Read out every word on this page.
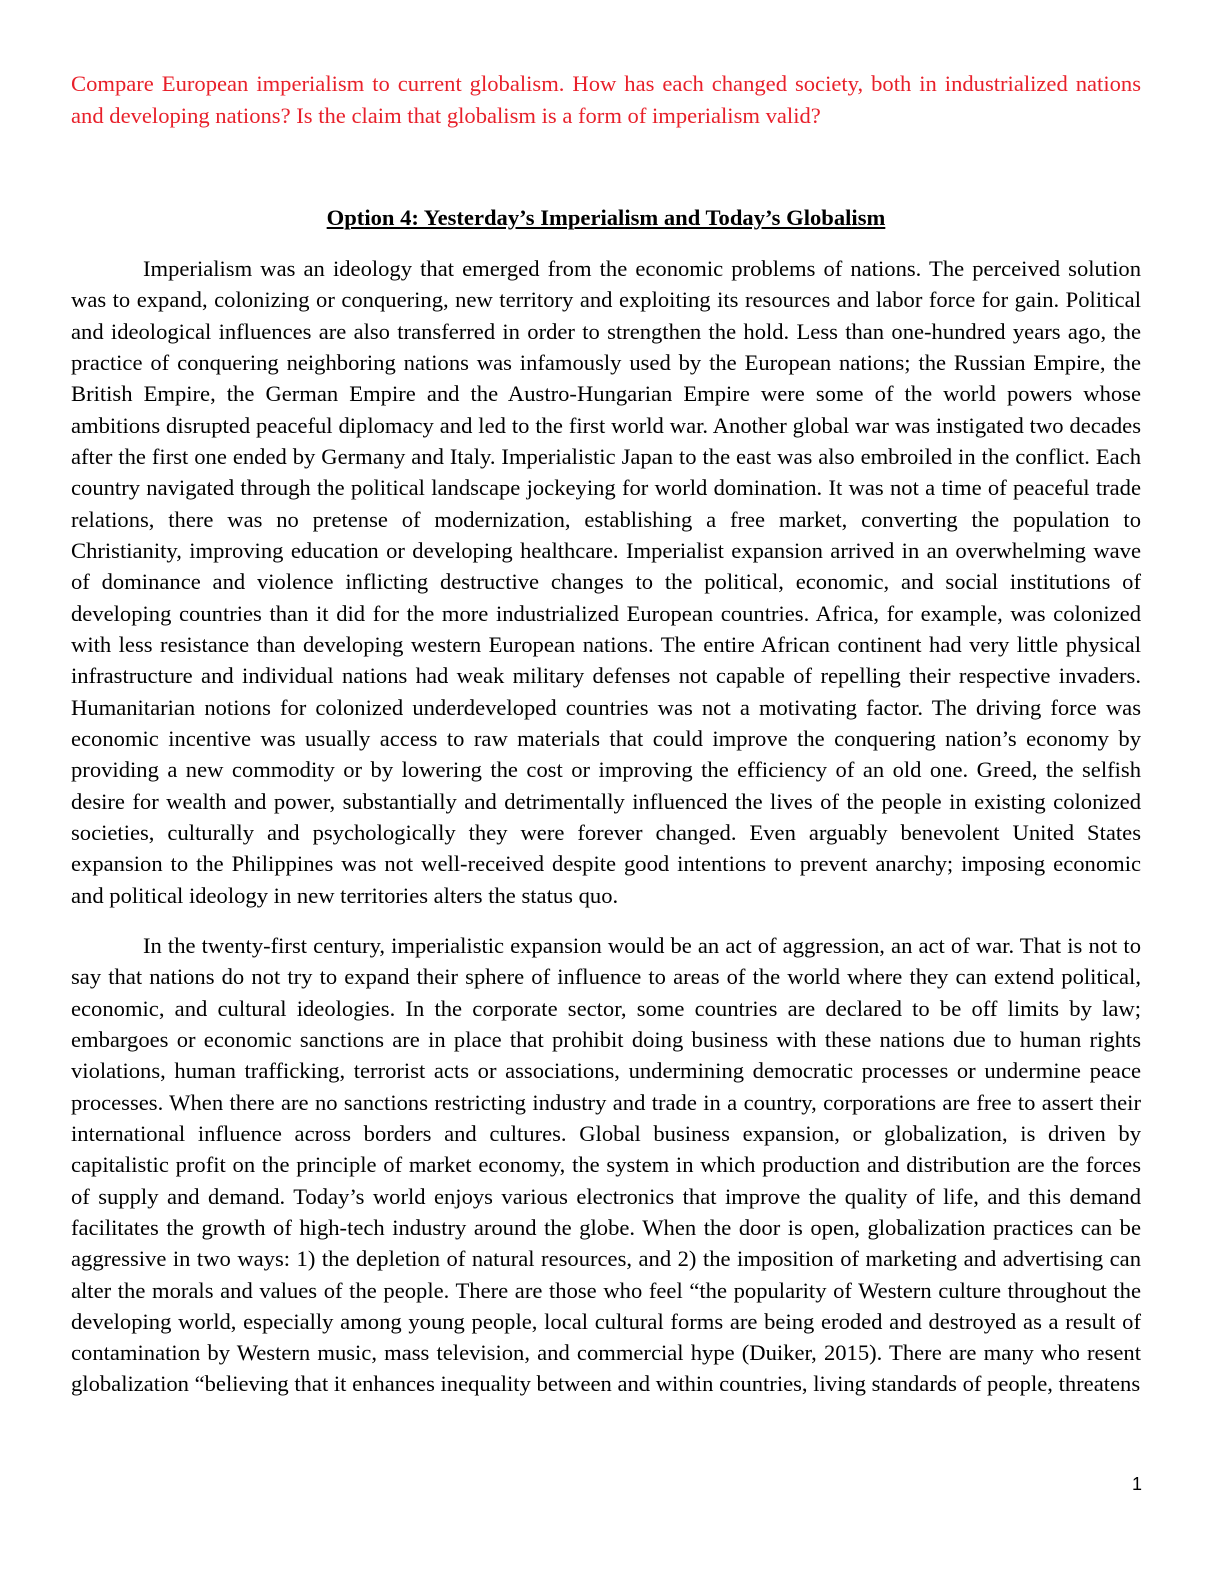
Compare European imperialism to current globalism. How has each changed society, both in industrialized nations and developing nations? Is the claim that globalism is a form of imperialism valid?

Option 4: Yesterday’s Imperialism and Today’s Globalism

Imperialism was an ideology that emerged from the economic problems of nations. The perceived solution was to expand, colonizing or conquering, new territory and exploiting its resources and labor force for gain. Political and ideological influences are also transferred in order to strengthen the hold. Less than one-hundred years ago, the practice of conquering neighboring nations was infamously used by the European nations; the Russian Empire, the British Empire, the German Empire and the Austro-Hungarian Empire were some of the world powers whose ambitions disrupted peaceful diplomacy and led to the first world war. Another global war was instigated two decades after the first one ended by Germany and Italy. Imperialistic Japan to the east was also embroiled in the conflict. Each country navigated through the political landscape jockeying for world domination. It was not a time of peaceful trade relations, there was no pretense of modernization, establishing a free market, converting the population to Christianity, improving education or developing healthcare. Imperialist expansion arrived in an overwhelming wave of dominance and violence inflicting destructive changes to the political, economic, and social institutions of developing countries than it did for the more industrialized European countries. Africa, for example, was colonized with less resistance than developing western European nations. The entire African continent had very little physical infrastructure and individual nations had weak military defenses not capable of repelling their respective invaders. Humanitarian notions for colonized underdeveloped countries was not a motivating factor. The driving force was economic incentive was usually access to raw materials that could improve the conquering nation’s economy by providing a new commodity or by lowering the cost or improving the efficiency of an old one. Greed, the selfish desire for wealth and power, substantially and detrimentally influenced the lives of the people in existing colonized societies, culturally and psychologically they were forever changed. Even arguably benevolent United States expansion to the Philippines was not well-received despite good intentions to prevent anarchy; imposing economic and political ideology in new territories alters the status quo.

In the twenty-first century, imperialistic expansion would be an act of aggression, an act of war. That is not to say that nations do not try to expand their sphere of influence to areas of the world where they can extend political, economic, and cultural ideologies. In the corporate sector, some countries are declared to be off limits by law; embargoes or economic sanctions are in place that prohibit doing business with these nations due to human rights violations, human trafficking, terrorist acts or associations, undermining democratic processes or undermine peace processes. When there are no sanctions restricting industry and trade in a country, corporations are free to assert their international influence across borders and cultures. Global business expansion, or globalization, is driven by capitalistic profit on the principle of market economy, the system in which production and distribution are the forces of supply and demand. Today’s world enjoys various electronics that improve the quality of life, and this demand facilitates the growth of high-tech industry around the globe. When the door is open, globalization practices can be aggressive in two ways: 1) the depletion of natural resources, and 2) the imposition of marketing and advertising can alter the morals and values of the people. There are those who feel “the popularity of Western culture throughout the developing world, especially among young people, local cultural forms are being eroded and destroyed as a result of contamination by Western music, mass television, and commercial hype (Duiker, 2015). There are many who resent globalization “believing that it enhances inequality between and within countries, living standards of people, threatens

1
